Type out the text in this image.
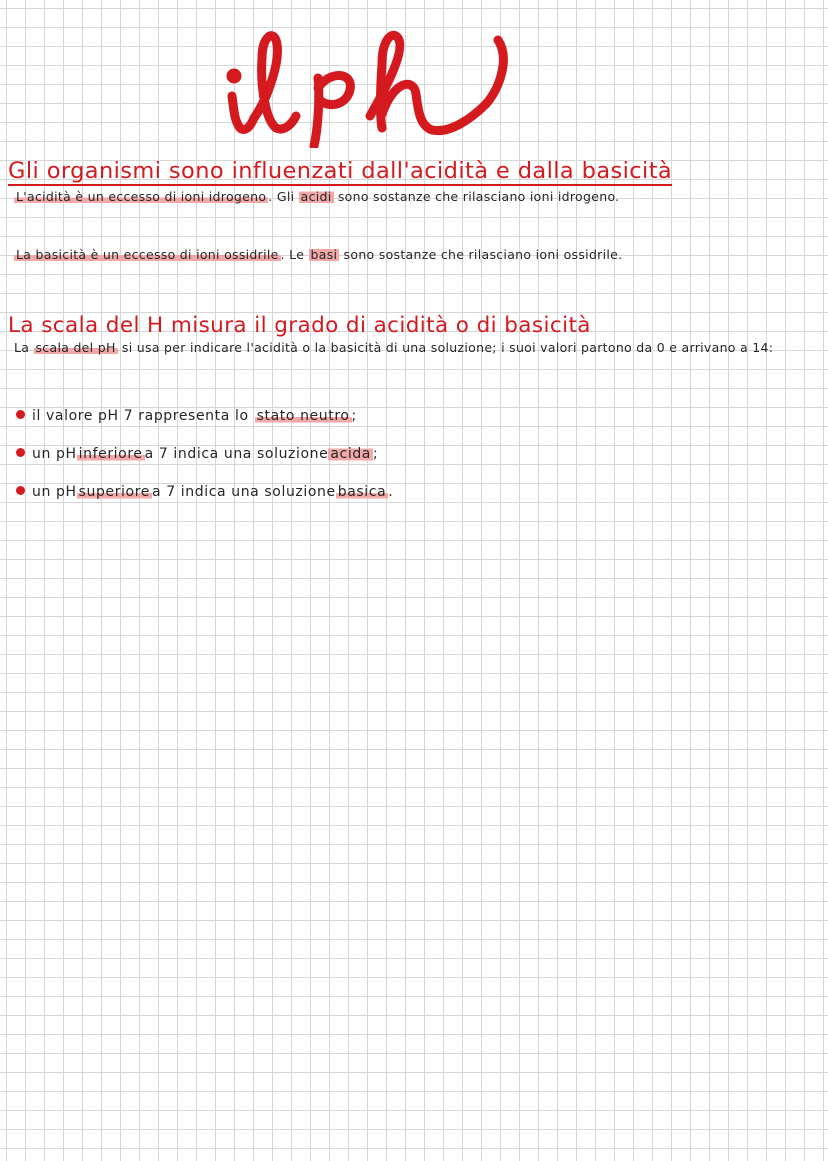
Gli organismi sono influenzati dall'acidità e dalla basicità
L'acidità è un eccesso di ioni idrogeno . Gli acidi sono sostanze che rilasciano ioni idrogeno.
La basicità è un eccesso di ioni ossidrile . Le basi sono sostanze che rilasciano ioni ossidrile.
La scala del H misura il grado di acidità o di basicità
La scala del pH si usa per indicare l'acidità o la basicità di una soluzione; i suoi valori partono da 0 e arrivano a 14:
il valore pH 7 rappresenta lo stato neutro ;
un pH inferiore a 7 indica una soluzione acida ;
un pH superiore a 7 indica una soluzione basica .
